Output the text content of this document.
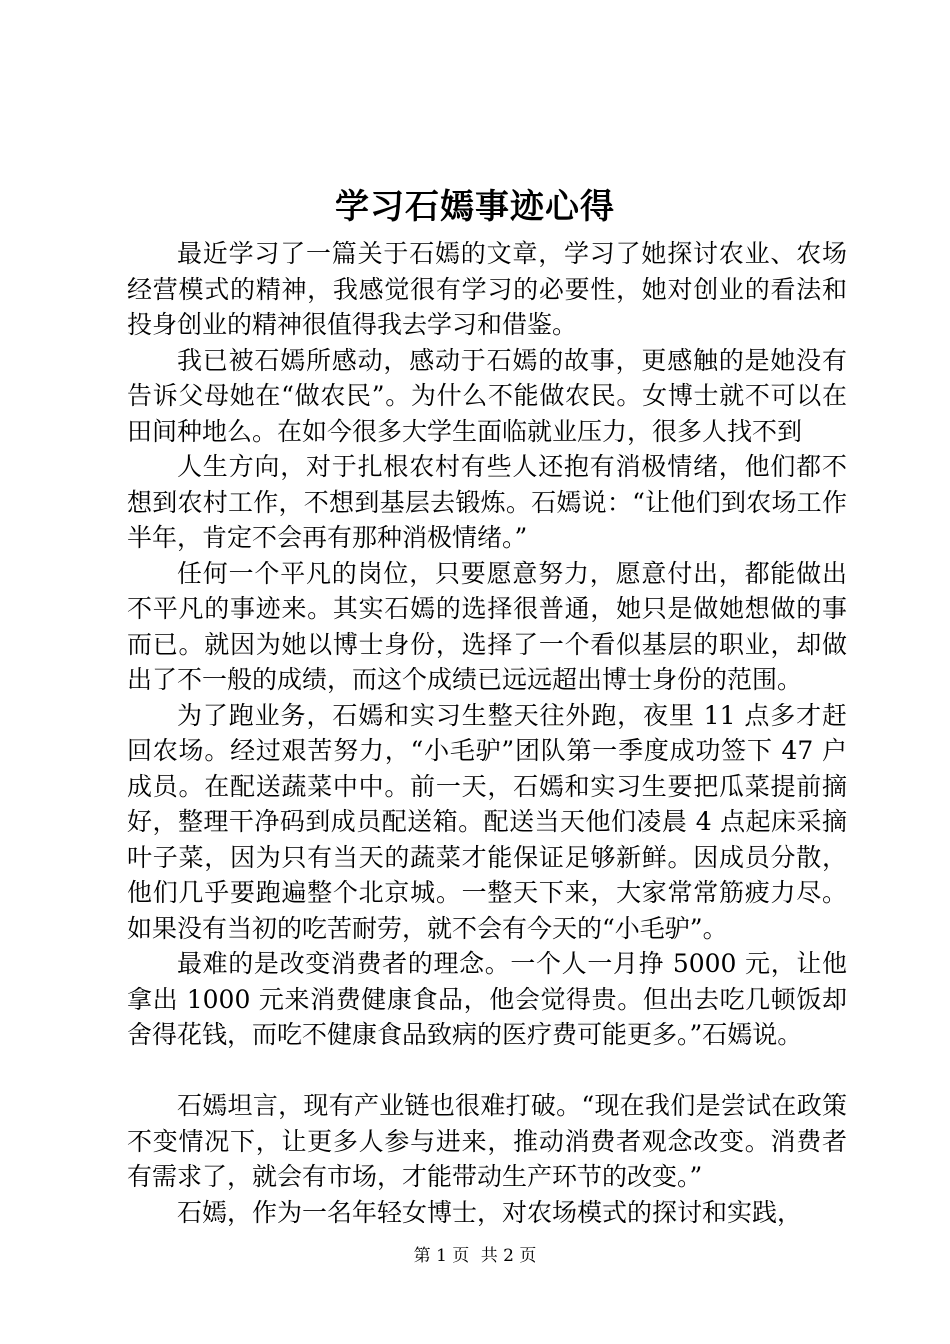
学习石嫣事迹心得

最近学习了一篇关于石嫣的文章，学习了她探讨农业、农场经营模式的精神，我感觉很有学习的必要性，她对创业的看法和投身创业的精神很值得我去学习和借鉴。

我已被石嫣所感动，感动于石嫣的故事，更感触的是她没有告诉父母她在“做农民”。为什么不能做农民。女博士就不可以在田间种地么。在如今很多大学生面临就业压力，很多人找不到

人生方向，对于扎根农村有些人还抱有消极情绪，他们都不想到农村工作，不想到基层去锻炼。石嫣说：“让他们到农场工作半年，肯定不会再有那种消极情绪。”

任何一个平凡的岗位，只要愿意努力，愿意付出，都能做出不平凡的事迹来。其实石嫣的选择很普通，她只是做她想做的事而已。就因为她以博士身份，选择了一个看似基层的职业，却做出了不一般的成绩，而这个成绩已远远超出博士身份的范围。

为了跑业务，石嫣和实习生整天往外跑，夜里 11 点多才赶回农场。经过艰苦努力，“小毛驴”团队第一季度成功签下 47 户成员。在配送蔬菜中中。前一天，石嫣和实习生要把瓜菜提前摘好，整理干净码到成员配送箱。配送当天他们凌晨 4 点起床采摘叶子菜，因为只有当天的蔬菜才能保证足够新鲜。因成员分散，他们几乎要跑遍整个北京城。一整天下来，大家常常筋疲力尽。如果没有当初的吃苦耐劳，就不会有今天的“小毛驴”。

最难的是改变消费者的理念。一个人一月挣 5000 元，让他拿出 1000 元来消费健康食品，他会觉得贵。但出去吃几顿饭却舍得花钱，而吃不健康食品致病的医疗费可能更多。”石嫣说。

石嫣坦言，现有产业链也很难打破。“现在我们是尝试在政策不变情况下，让更多人参与进来，推动消费者观念改变。消费者有需求了，就会有市场，才能带动生产环节的改变。”

石嫣，作为一名年轻女博士，对农场模式的探讨和实践，

第 1 页 共 2 页
